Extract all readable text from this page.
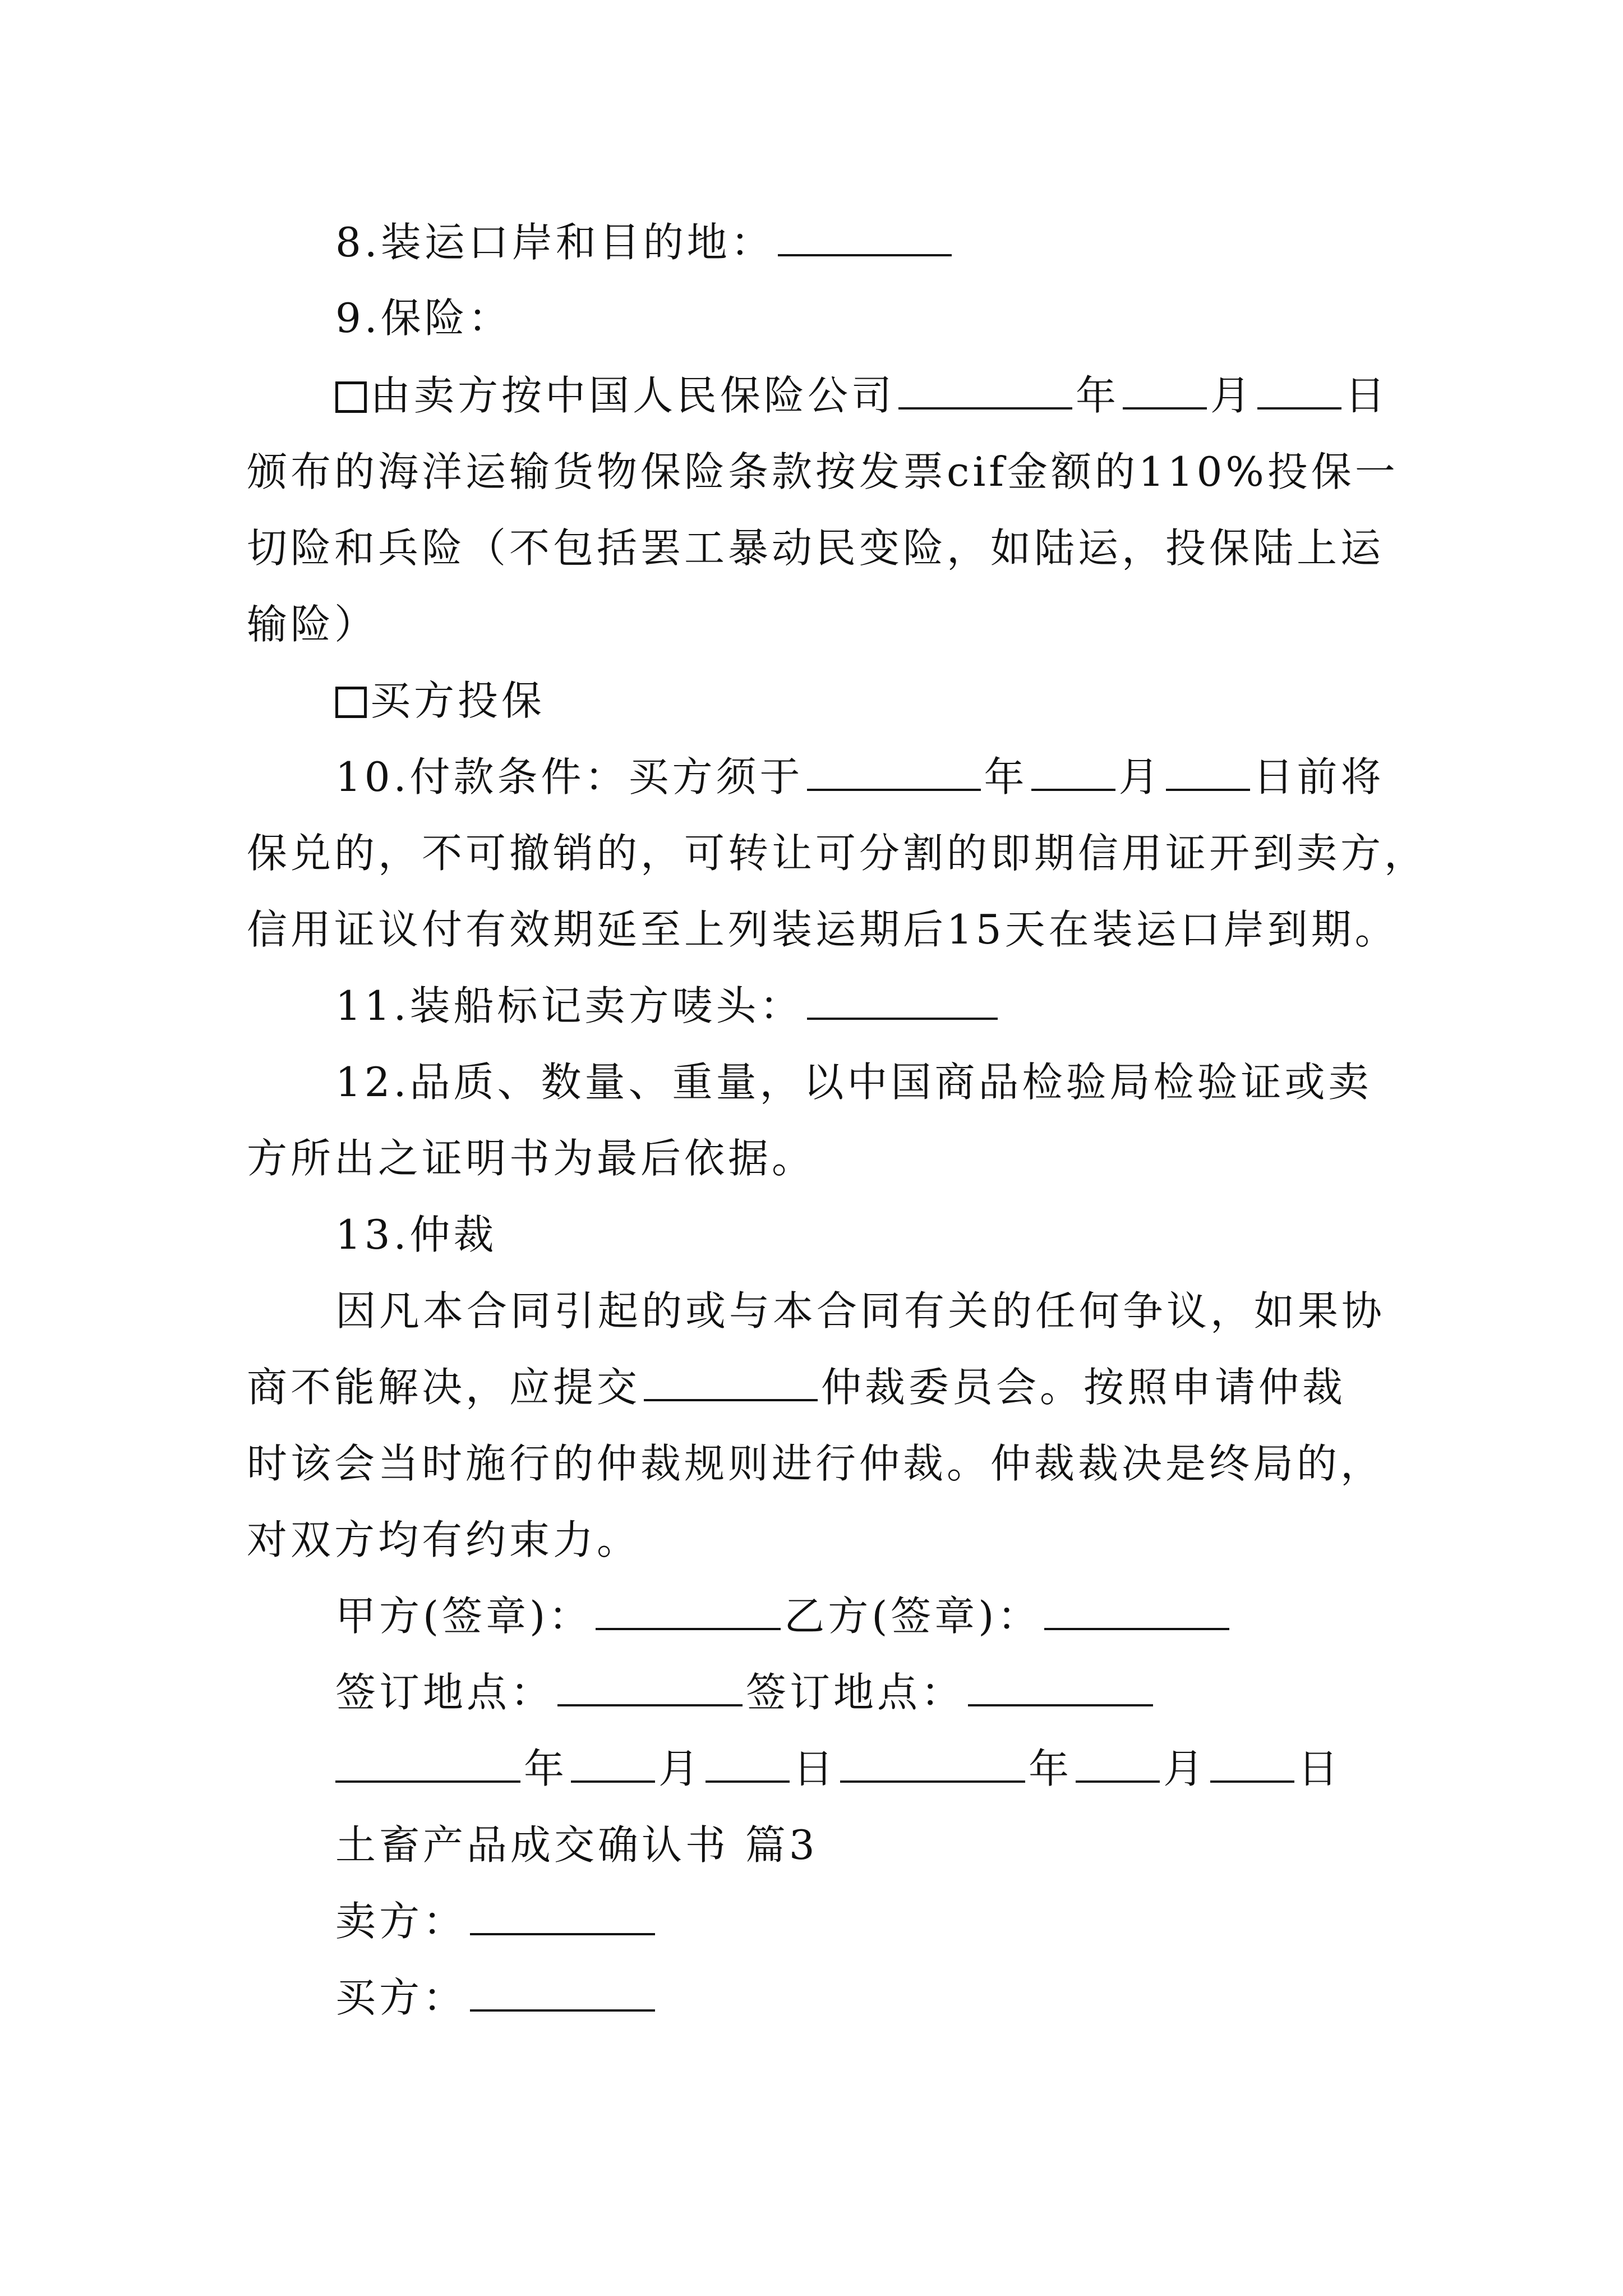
8.装运口岸和目的地：
9.保险：
由卖方按中国人民保险公司	年 月 日
颁布的海洋运输货物保险条款按发票cif金额的110%投保一
切险和兵险（不包括罢工暴动民变险，如陆运，投保陆上运
输险）
买方投保
10.付款条件：买方须于	年 月 日前将
保兑的，不可撤销的，可转让可分割的即期信用证开到卖方，
信用证议付有效期延至上列装运期后15天在装运口岸到期。
11.装船标记卖方唛头：
12.品质、数量、重量，以中国商品检验局检验证或卖
方所出之证明书为最后依据。
13.仲裁
因凡本合同引起的或与本合同有关的任何争议，如果协
商不能解决，应提交	仲裁委员会。按照申请仲裁
时该会当时施行的仲裁规则进行仲裁。仲裁裁决是终局的，
对双方均有约束力。
甲方(签章)：	乙方(签章)：
签订地点：	签订地点：
年 月 日	年 月 日
土畜产品成交确认书 篇3
卖方：
买方：
